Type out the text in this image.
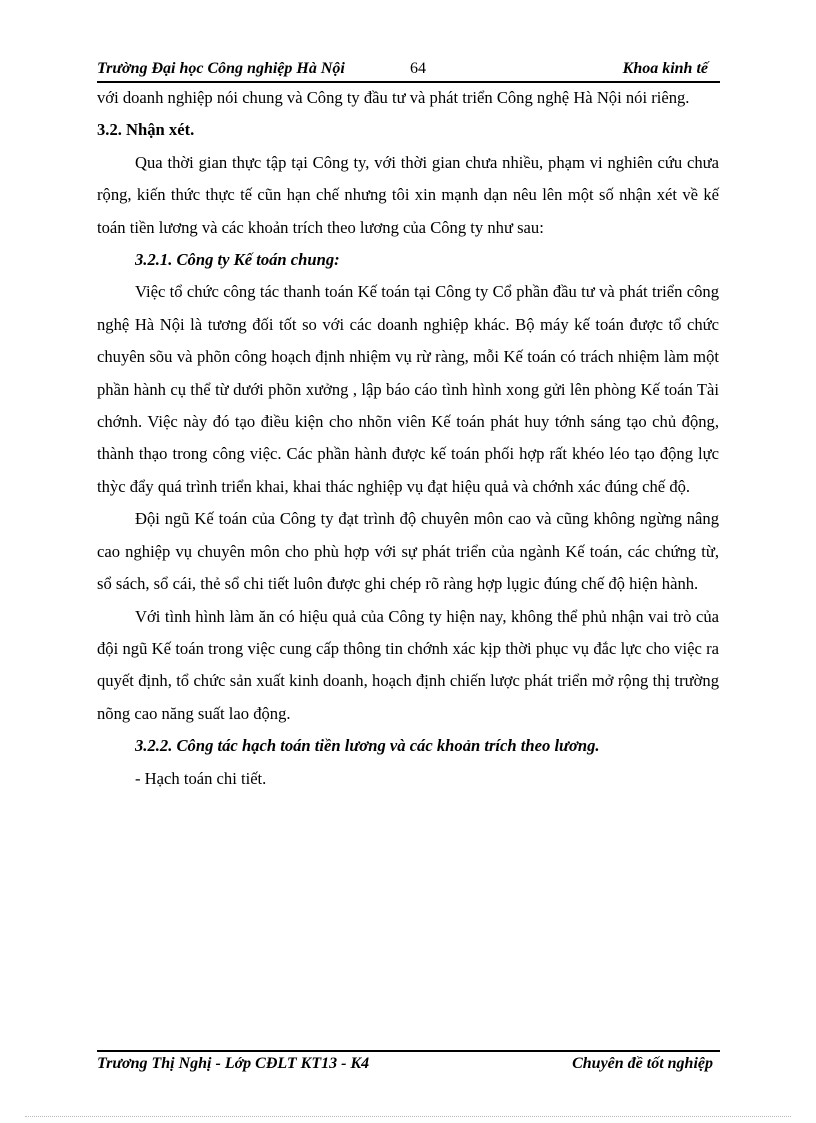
Trường Đại học Công nghiệp Hà Nội	64	Khoa kinh tế

với doanh nghiệp nói chung và Công ty đầu tư và phát triển Công nghệ Hà Nội nói riêng.

3.2. Nhận xét.

Qua thời gian thực tập tại Công ty, với thời gian chưa nhiều, phạm vi nghiên cứu chưa rộng, kiến thức thực tế cũn hạn chế nhưng tôi xin mạnh dạn nêu lên một số nhận xét về kế toán tiền lương và các khoản trích theo lương của Công ty như sau:

3.2.1. Công ty Kế toán chung:

Việc tổ chức công tác thanh toán Kế toán tại Công ty Cổ phần đầu tư và phát triển công nghệ Hà Nội là tương đối tốt so với các doanh nghiệp khác. Bộ máy kế toán được tổ chức chuyên sõu và phõn công hoạch định nhiệm vụ rừ ràng, mỗi Kế toán có trách nhiệm làm một phần hành cụ thể từ dưới phõn xưởng , lập báo cáo tình hình xong gửi lên phòng Kế toán Tài chớnh. Việc này đó tạo điều kiện cho nhõn viên Kế toán phát huy tớnh sáng tạo chủ động, thành thạo trong công việc. Các phần hành được kế toán phối hợp rất khéo léo tạo động lực thỳc đẩy quá trình triển khai, khai thác nghiệp vụ đạt hiệu quả và chớnh xác đúng chế độ.

Đội ngũ Kế toán của Công ty đạt trình độ chuyên môn cao và cũng không ngừng nâng cao nghiệp vụ chuyên môn cho phù hợp với sự phát triển của ngành Kế toán, các chứng từ, sổ sách, sổ cái, thẻ sổ chi tiết luôn được ghi chép rõ ràng hợp lụgic đúng chế độ hiện hành.

Với tình hình làm ăn có hiệu quả của Công ty hiện nay, không thể phủ nhận vai trò của đội ngũ Kế toán trong việc cung cấp thông tin chớnh xác kịp thời phục vụ đắc lực cho việc ra quyết định, tổ chức sản xuất kinh doanh, hoạch định chiến lược phát triển mở rộng thị trường nõng cao năng suất lao động.

3.2.2. Công tác hạch toán tiền lương và các khoản trích theo lương.

- Hạch toán chi tiết.

Trương Thị Nghị - Lớp CĐLT KT13 - K4	Chuyên đề tốt nghiệp
